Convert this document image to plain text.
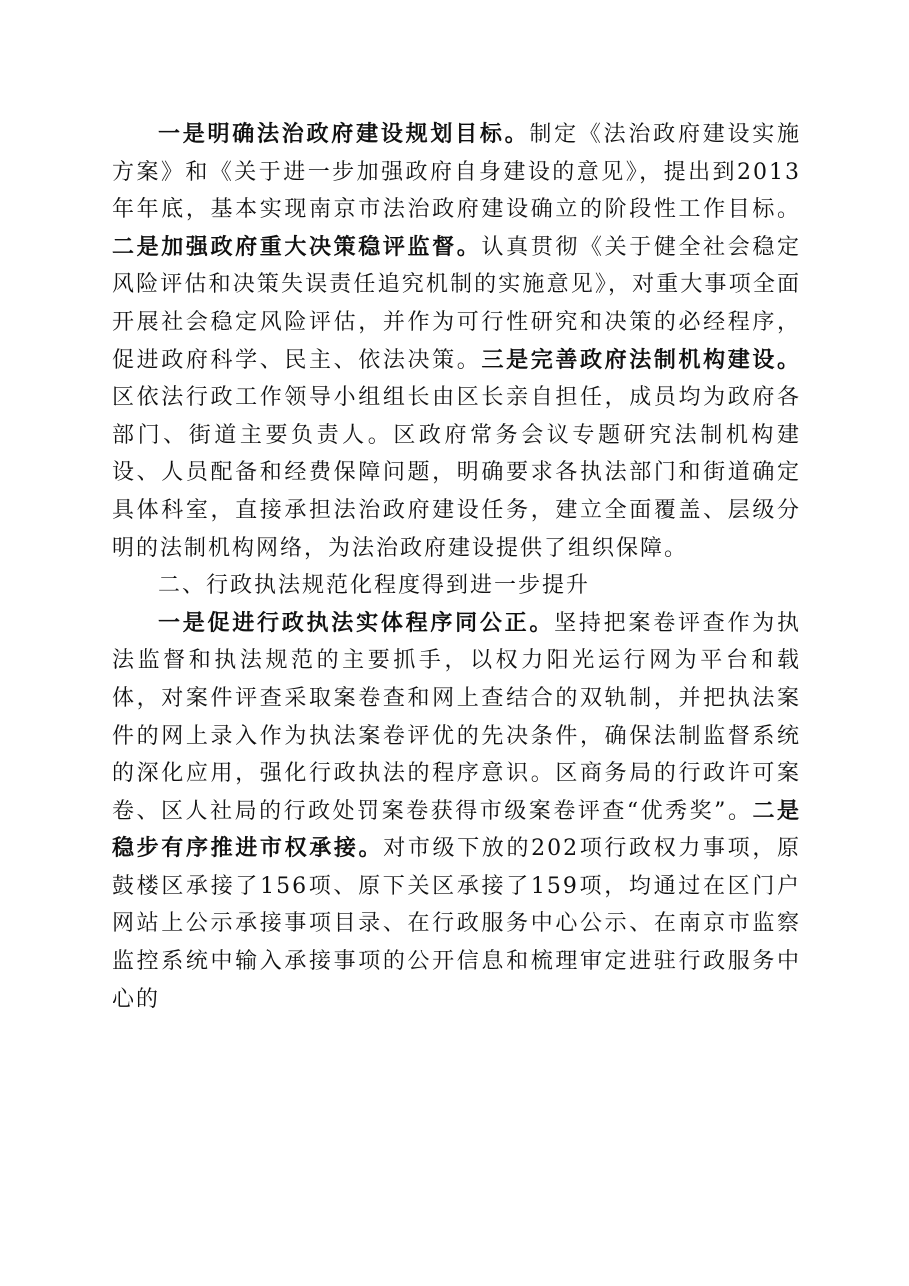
一是明确法治政府建设规划目标。制定《法治政府建设实施方案》和《关于进一步加强政府自身建设的意见》，提出到2013年年底，基本实现南京市法治政府建设确立的阶段性工作目标。二是加强政府重大决策稳评监督。认真贯彻《关于健全社会稳定风险评估和决策失误责任追究机制的实施意见》，对重大事项全面开展社会稳定风险评估，并作为可行性研究和决策的必经程序，促进政府科学、民主、依法决策。三是完善政府法制机构建设。区依法行政工作领导小组组长由区长亲自担任，成员均为政府各部门、街道主要负责人。区政府常务会议专题研究法制机构建设、人员配备和经费保障问题，明确要求各执法部门和街道确定具体科室，直接承担法治政府建设任务，建立全面覆盖、层级分明的法制机构网络，为法治政府建设提供了组织保障。

二、行政执法规范化程度得到进一步提升

一是促进行政执法实体程序同公正。坚持把案卷评查作为执法监督和执法规范的主要抓手，以权力阳光运行网为平台和载体，对案件评查采取案卷查和网上查结合的双轨制，并把执法案件的网上录入作为执法案卷评优的先决条件，确保法制监督系统的深化应用，强化行政执法的程序意识。区商务局的行政许可案卷、区人社局的行政处罚案卷获得市级案卷评查“优秀奖”。二是稳步有序推进市权承接。对市级下放的202项行政权力事项，原鼓楼区承接了156项、原下关区承接了159项，均通过在区门户网站上公示承接事项目录、在行政服务中心公示、在南京市监察监控系统中输入承接事项的公开信息和梳理审定进驻行政服务中心的
